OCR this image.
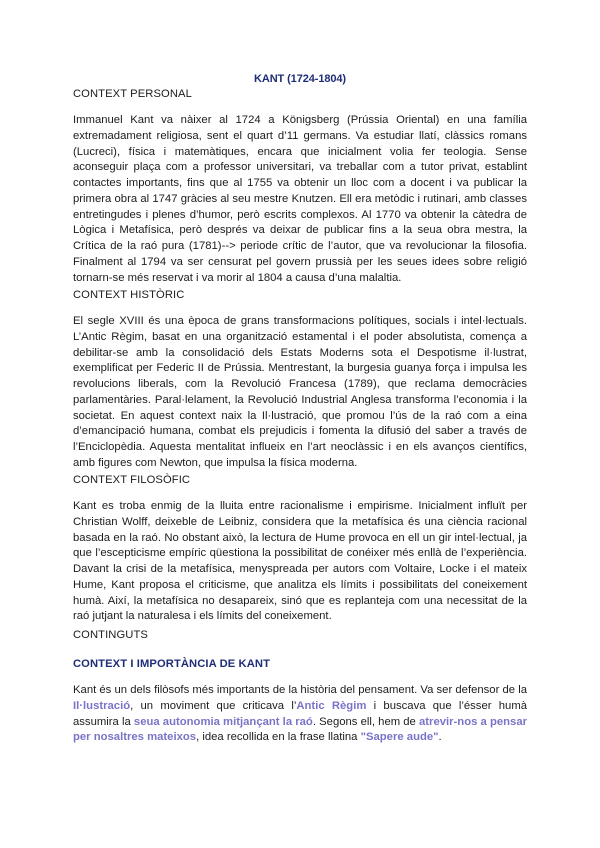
KANT (1724-1804)
CONTEXT PERSONAL

Immanuel Kant va nàixer al 1724 a Königsberg (Prússia Oriental) en una família extremadament religiosa, sent el quart d’11 germans. Va estudiar llatí, clàssics romans (Lucreci), física i matemàtiques, encara que inicialment volia fer teologia. Sense aconseguir plaça com a professor universitari, va treballar com a tutor privat, establint contactes importants, fins que al 1755 va obtenir un lloc com a docent i va publicar la primera obra al 1747 gràcies al seu mestre Knutzen. Ell era metòdic i rutinari, amb classes entretingudes i plenes d’humor, però escrits complexos. Al 1770 va obtenir la càtedra de Lògica i Metafísica, però després va deixar de publicar fins a la seua obra mestra, la Crítica de la raó pura (1781)--> periode crític de l’autor, que va revolucionar la filosofia. Finalment al 1794 va ser censurat pel govern prussià per les seues idees sobre religió tornarn-se més reservat i va morir al 1804 a causa d’una malaltia.

CONTEXT HISTÒRIC

El segle XVIII és una època de grans transformacions polítiques, socials i intel·lectuals. L’Antic Règim, basat en una organització estamental i el poder absolutista, comença a debilitar-se amb la consolidació dels Estats Moderns sota el Despotisme il·lustrat, exemplificat per Federic II de Prússia. Mentrestant, la burgesia guanya força i impulsa les revolucions liberals, com la Revolució Francesa (1789), que reclama democràcies parlamentàries. Paral·lelament, la Revolució Industrial Anglesa transforma l’economia i la societat. En aquest context naix la Il·lustració, que promou l’ús de la raó com a eina d’emancipació humana, combat els prejudicis i fomenta la difusió del saber a través de l’Enciclopèdia. Aquesta mentalitat influeix en l’art neoclàssic i en els avanços científics, amb figures com Newton, que impulsa la física moderna.

CONTEXT FILOSÒFIC

Kant es troba enmig de la lluita entre racionalisme i empirisme. Inicialment influït per Christian Wolff, deixeble de Leibniz, considera que la metafísica és una ciència racional basada en la raó. No obstant això, la lectura de Hume provoca en ell un gir intel·lectual, ja que l’escepticisme empíric qüestiona la possibilitat de conéixer més enllà de l’experiència. Davant la crisi de la metafísica, menyspreada per autors com Voltaire, Locke i el mateix Hume, Kant proposa el criticisme, que analitza els límits i possibilitats del coneixement humà. Així, la metafísica no desapareix, sinó que es replanteja com una necessitat de la raó jutjant la naturalesa i els límits del coneixement.

CONTINGUTS
CONTEXT I IMPORTÀNCIA DE KANT

Kant és un dels filòsofs més importants de la història del pensament. Va ser defensor de la Il·lustració, un moviment que criticava l’Antic Règim i buscava que l’ésser humà assumira la seua autonomia mitjançant la raó. Segons ell, hem de atrevir-nos a pensar per nosaltres mateixos, idea recollida en la frase llatina "Sapere aude".
